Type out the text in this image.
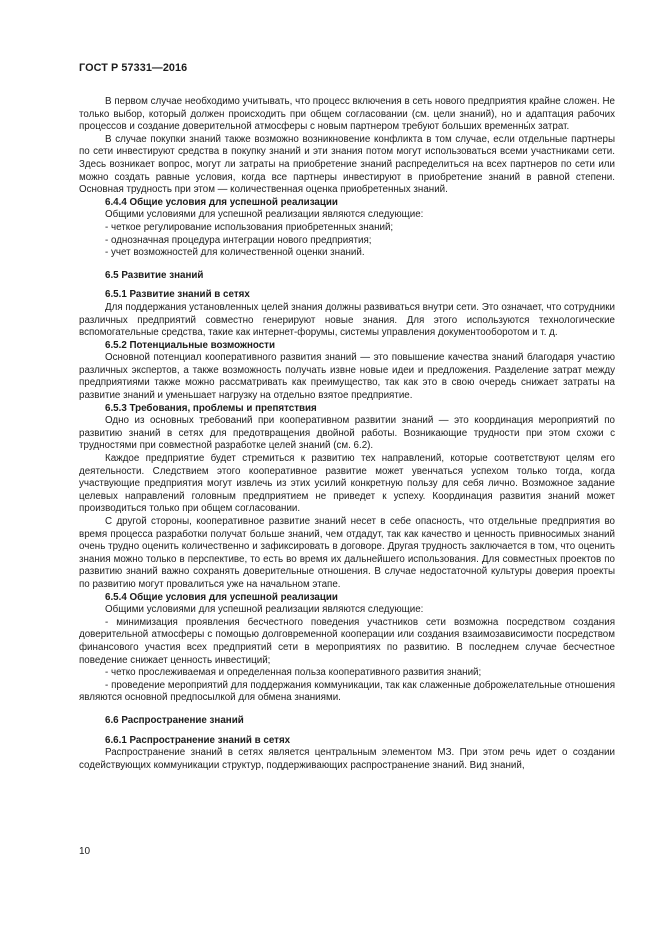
ГОСТ Р 57331—2016

В первом случае необходимо учитывать, что процесс включения в сеть нового предприятия крайне сложен. Не только выбор, который должен происходить при общем согласовании (см. цели знаний), но и адаптация рабочих процессов и создание доверительной атмосферы с новым партнером требуют больших временны́х затрат.

В случае покупки знаний также возможно возникновение конфликта в том случае, если отдельные партнеры по сети инвестируют средства в покупку знаний и эти знания потом могут использоваться всеми участниками сети. Здесь возникает вопрос, могут ли затраты на приобретение знаний распределиться на всех партнеров по сети или можно создать равные условия, когда все партнеры инвестируют в приобретение знаний в равной степени. Основная трудность при этом — количественная оценка приобретенных знаний.

6.4.4 Общие условия для успешной реализации

Общими условиями для успешной реализации являются следующие:

- четкое регулирование использования приобретенных знаний;

- однозначная процедура интеграции нового предприятия;

- учет возможностей для количественной оценки знаний.

6.5 Развитие знаний

6.5.1 Развитие знаний в сетях

Для поддержания установленных целей знания должны развиваться внутри сети. Это означает, что сотрудники различных предприятий совместно генерируют новые знания. Для этого используются технологические вспомогательные средства, такие как интернет-форумы, системы управления документооборотом и т. д.

6.5.2 Потенциальные возможности

Основной потенциал кооперативного развития знаний — это повышение качества знаний благодаря участию различных экспертов, а также возможность получать извне новые идеи и предложения. Разделение затрат между предприятиями также можно рассматривать как преимущество, так как это в свою очередь снижает затраты на развитие знаний и уменьшает нагрузку на отдельно взятое предприятие.

6.5.3 Требования, проблемы и препятствия

Одно из основных требований при кооперативном развитии знаний — это координация мероприятий по развитию знаний в сетях для предотвращения двойной работы. Возникающие трудности при этом схожи с трудностями при совместной разработке целей знаний (см. 6.2).

Каждое предприятие будет стремиться к развитию тех направлений, которые соответствуют целям его деятельности. Следствием этого кооперативное развитие может увенчаться успехом только тогда, когда участвующие предприятия могут извлечь из этих усилий конкретную пользу для себя лично. Возможное задание целевых направлений головным предприятием не приведет к успеху. Координация развития знаний может производиться только при общем согласовании.

С другой стороны, кооперативное развитие знаний несет в себе опасность, что отдельные предприятия во время процесса разработки получат больше знаний, чем отдадут, так как качество и ценность привносимых знаний очень трудно оценить количественно и зафиксировать в договоре. Другая трудность заключается в том, что оценить знания можно только в перспективе, то есть во время их дальнейшего использования. Для совместных проектов по развитию знаний важно сохранять доверительные отношения. В случае недостаточной культуры доверия проекты по развитию могут провалиться уже на начальном этапе.

6.5.4 Общие условия для успешной реализации

Общими условиями для успешной реализации являются следующие:

- минимизация проявления бесчестного поведения участников сети возможна посредством создания доверительной атмосферы с помощью долговременной кооперации или создания взаимозависимости посредством финансового участия всех предприятий сети в мероприятиях по развитию. В последнем случае бесчестное поведение снижает ценность инвестиций;

- четко прослеживаемая и определенная польза кооперативного развития знаний;

- проведение мероприятий для поддержания коммуникации, так как слаженные доброжелательные отношения являются основной предпосылкой для обмена знаниями.

6.6 Распространение знаний

6.6.1 Распространение знаний в сетях

Распространение знаний в сетях является центральным элементом МЗ. При этом речь идет о создании содействующих коммуникации структур, поддерживающих распространение знаний. Вид знаний,

10
